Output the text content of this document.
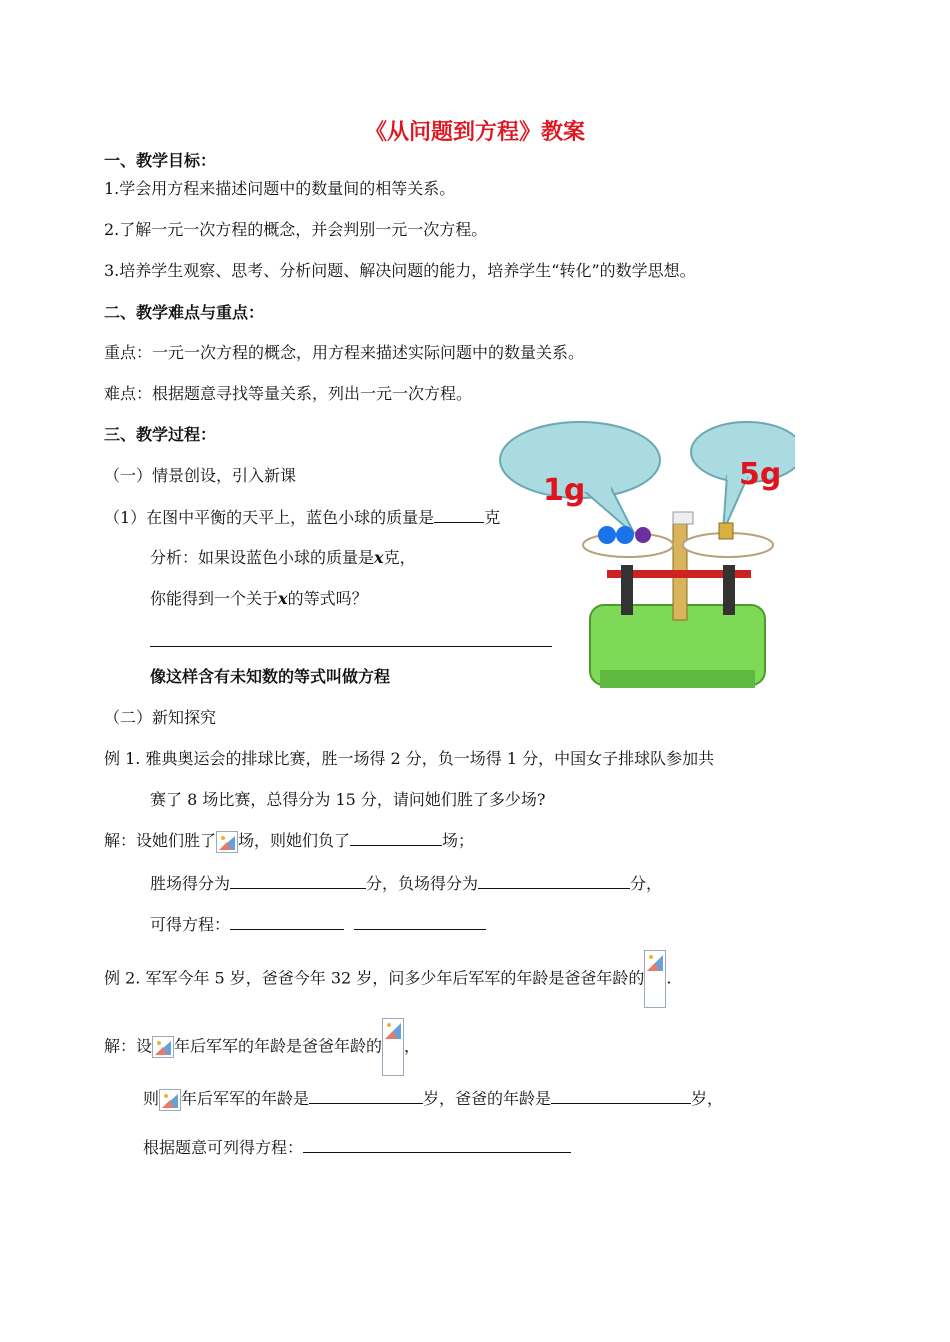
《从问题到方程》教案
一、教学目标：
1.学会用方程来描述问题中的数量间的相等关系。
2.了解一元一次方程的概念，并会判别一元一次方程。
3.培养学生观察、思考、分析问题、解决问题的能力，培养学生“转化”的数学思想。
二、教学难点与重点：
重点：一元一次方程的概念，用方程来描述实际问题中的数量关系。
难点：根据题意寻找等量关系，列出一元一次方程。
三、教学过程：
（一）情景创设，引入新课
（1）在图中平衡的天平上，蓝色小球的质量是	克
分析：如果设蓝色小球的质量是x克，
你能得到一个关于x的等式吗？
像这样含有未知数的等式叫做方程
1g	5g
（二）新知探究
例 1. 雅典奥运会的排球比赛，胜一场得 2 分，负一场得 1 分，中国女子排球队参加共
赛了 8 场比赛，总得分为 15 分，请问她们胜了多少场?
解：设她们胜了 场，则她们负了	场；
胜场得分为	分，负场得分为	分，
可得方程：
例 2. 军军今年 5 岁，爸爸今年 32 岁，问多少年后军军的年龄是爸爸年龄的 .
解：设 年后军军的年龄是爸爸年龄的 ，
则 年后军军的年龄是	岁，爸爸的年龄是	岁，
根据题意可列得方程：
